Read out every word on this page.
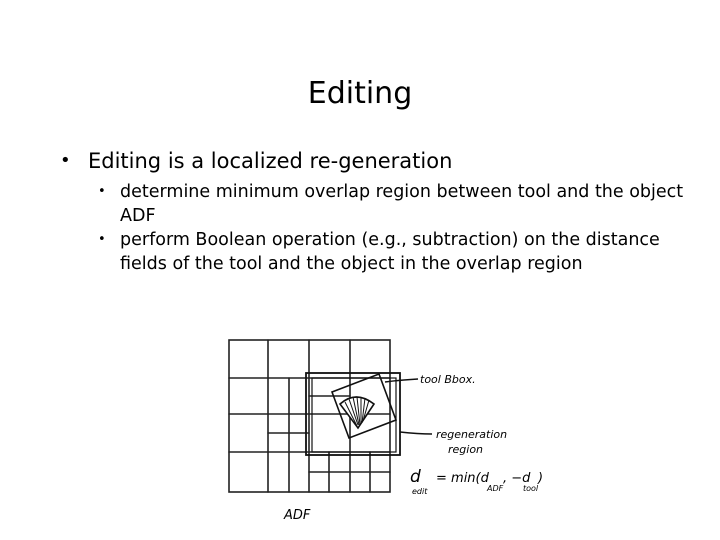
Editing
• Editing is a localized re-generation
• determine minimum overlap region between tool and the object ADF
• perform Boolean operation (e.g., subtraction) on the distance fields of the tool and the object in the overlap region
tool Bbox.
regeneration
region
d
edit
= min(d
ADF
, −d
tool
)
ADF
